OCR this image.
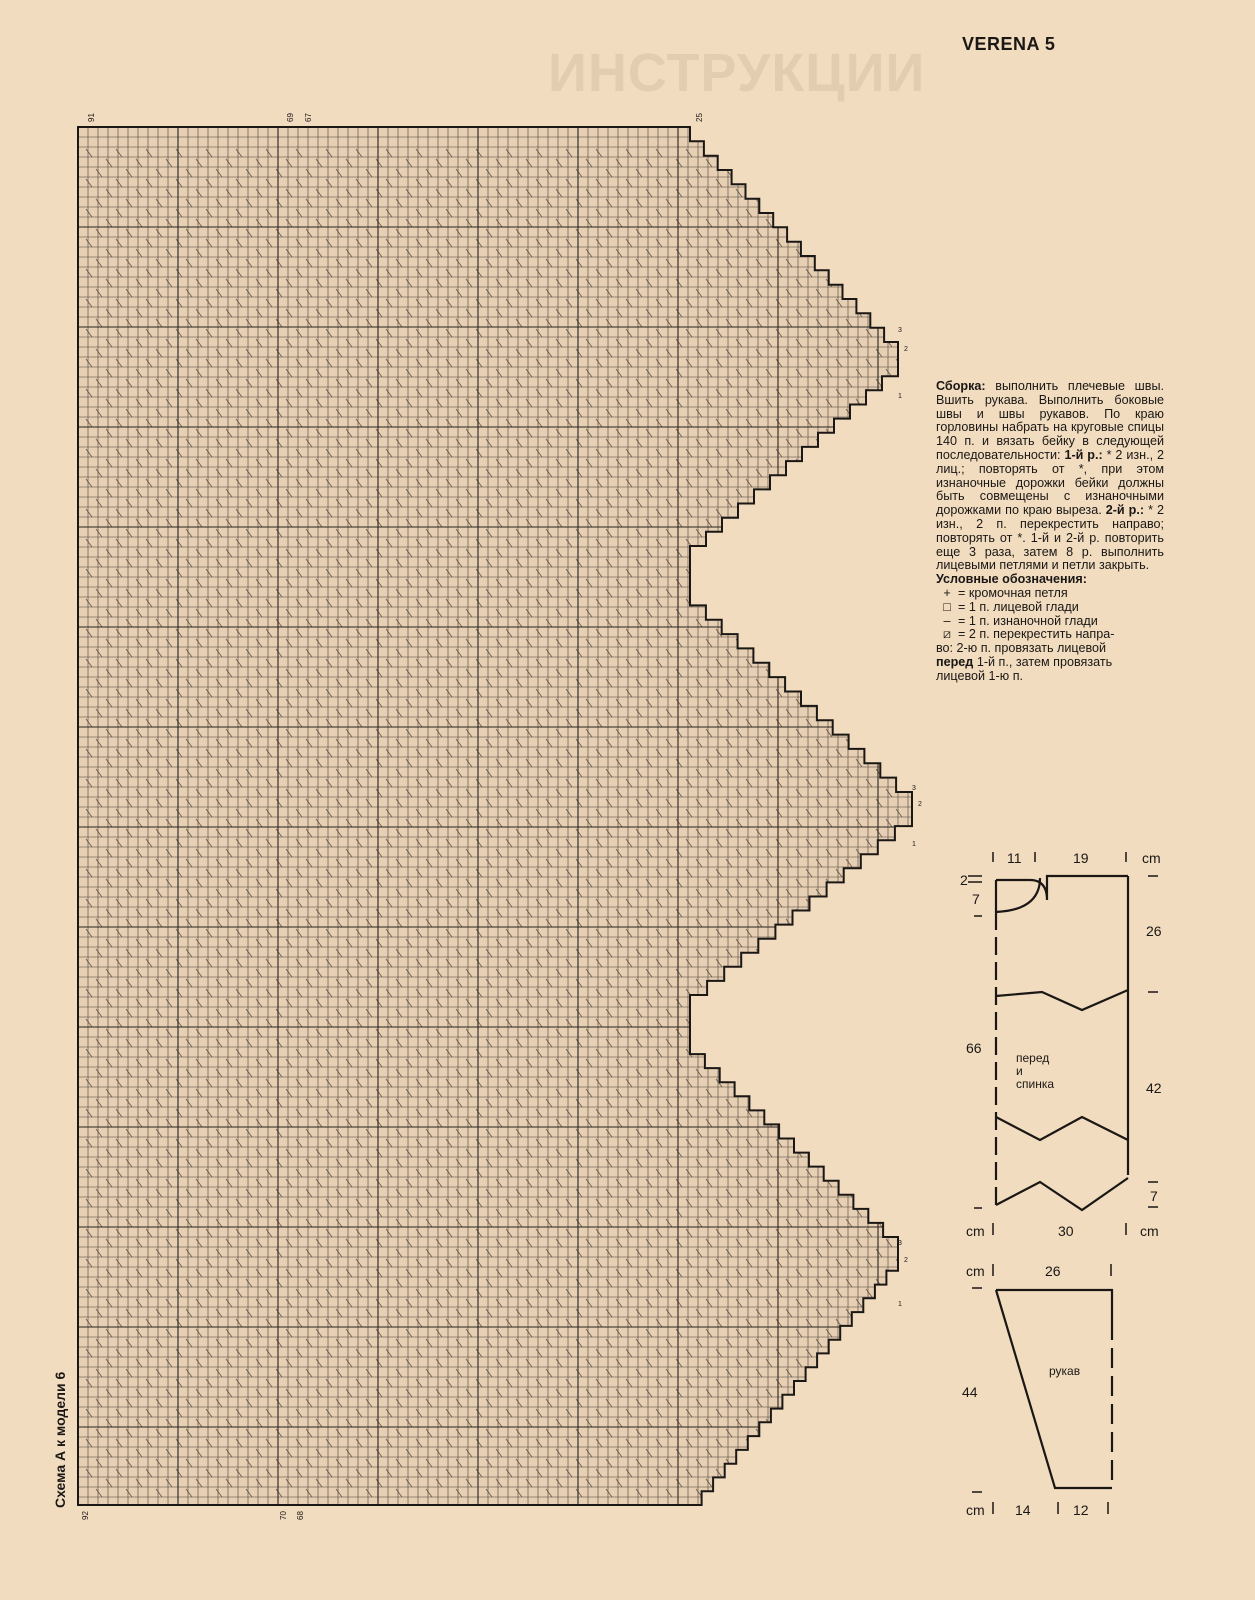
ИНСТРУКЦИИ VERENA 5
91	69 67	25
92	70 68
3
2
1
3
2
1
3
2
1
Схема А к модели 6
Сборка: выполнить плечевые швы. Вшить рукава. Выполнить боковые швы и швы рукавов. По краю горловины набрать на круговые спицы 140 п. и вязать бейку в следующей последовательности: 1-й р.: * 2 изн., 2 лиц.; повторять от *, при этом изнаночные дорожки бейки должны быть совмещены с изнаночными дорожками по краю выреза. 2-й р.: * 2 изн., 2 п. перекрестить направо; повторять от *. 1-й и 2-й р. повторить еще 3 раза, затем 8 р. выполнить лицевыми петлями и петли закрыть.
Условные обозначения:
+ = кромочная петля
□ = 1 п. лицевой глади
– = 1 п. изнаночной глади
⧄ = 2 п. перекрестить напра-
во: 2-ю п. провязать лицевой
перед 1-й п., затем провязать
лицевой 1-ю п.
11	19	cm
2
7
26
42
7
66
перед
и
спинка
cm	30	cm
cm	26
рукав
44
cm 14	12
